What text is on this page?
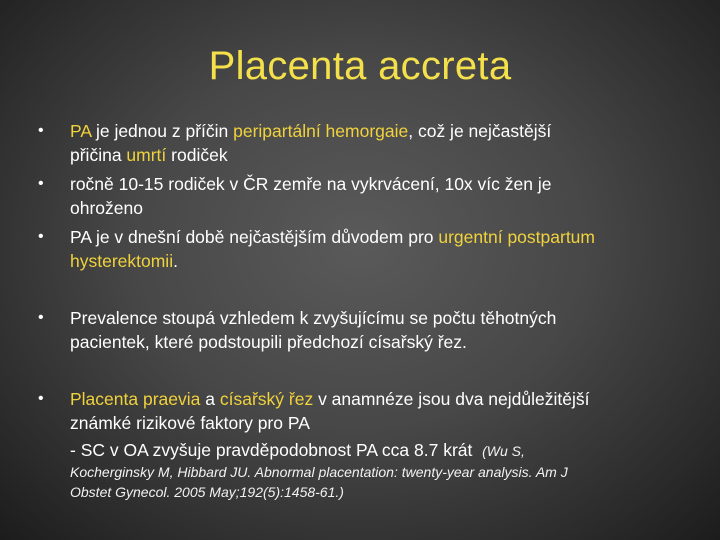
Placenta accreta
• PA je jednou z příčin peripartální hemorgaie, což je nejčastější
přičina umrtí rodiček
• ročně 10-15 rodiček v ČR zemře na vykrvácení, 10x víc žen je
ohroženo
• PA je v dnešní době nejčastějším důvodem pro urgentní postpartum
hysterektomii.
• Prevalence stoupá vzhledem k zvyšujícímu se počtu těhotných
pacientek, které podstoupili předchozí císařský řez.
• Placenta praevia a císařský řez v anamnéze jsou dva nejdůležitější
známké rizikové faktory pro PA
- SC v OA zvyšuje pravděpodobnost PA cca 8.7 krát (Wu S,
Kocherginsky M, Hibbard JU. Abnormal placentation: twenty-year analysis. Am J
Obstet Gynecol. 2005 May;192(5):1458-61.)
